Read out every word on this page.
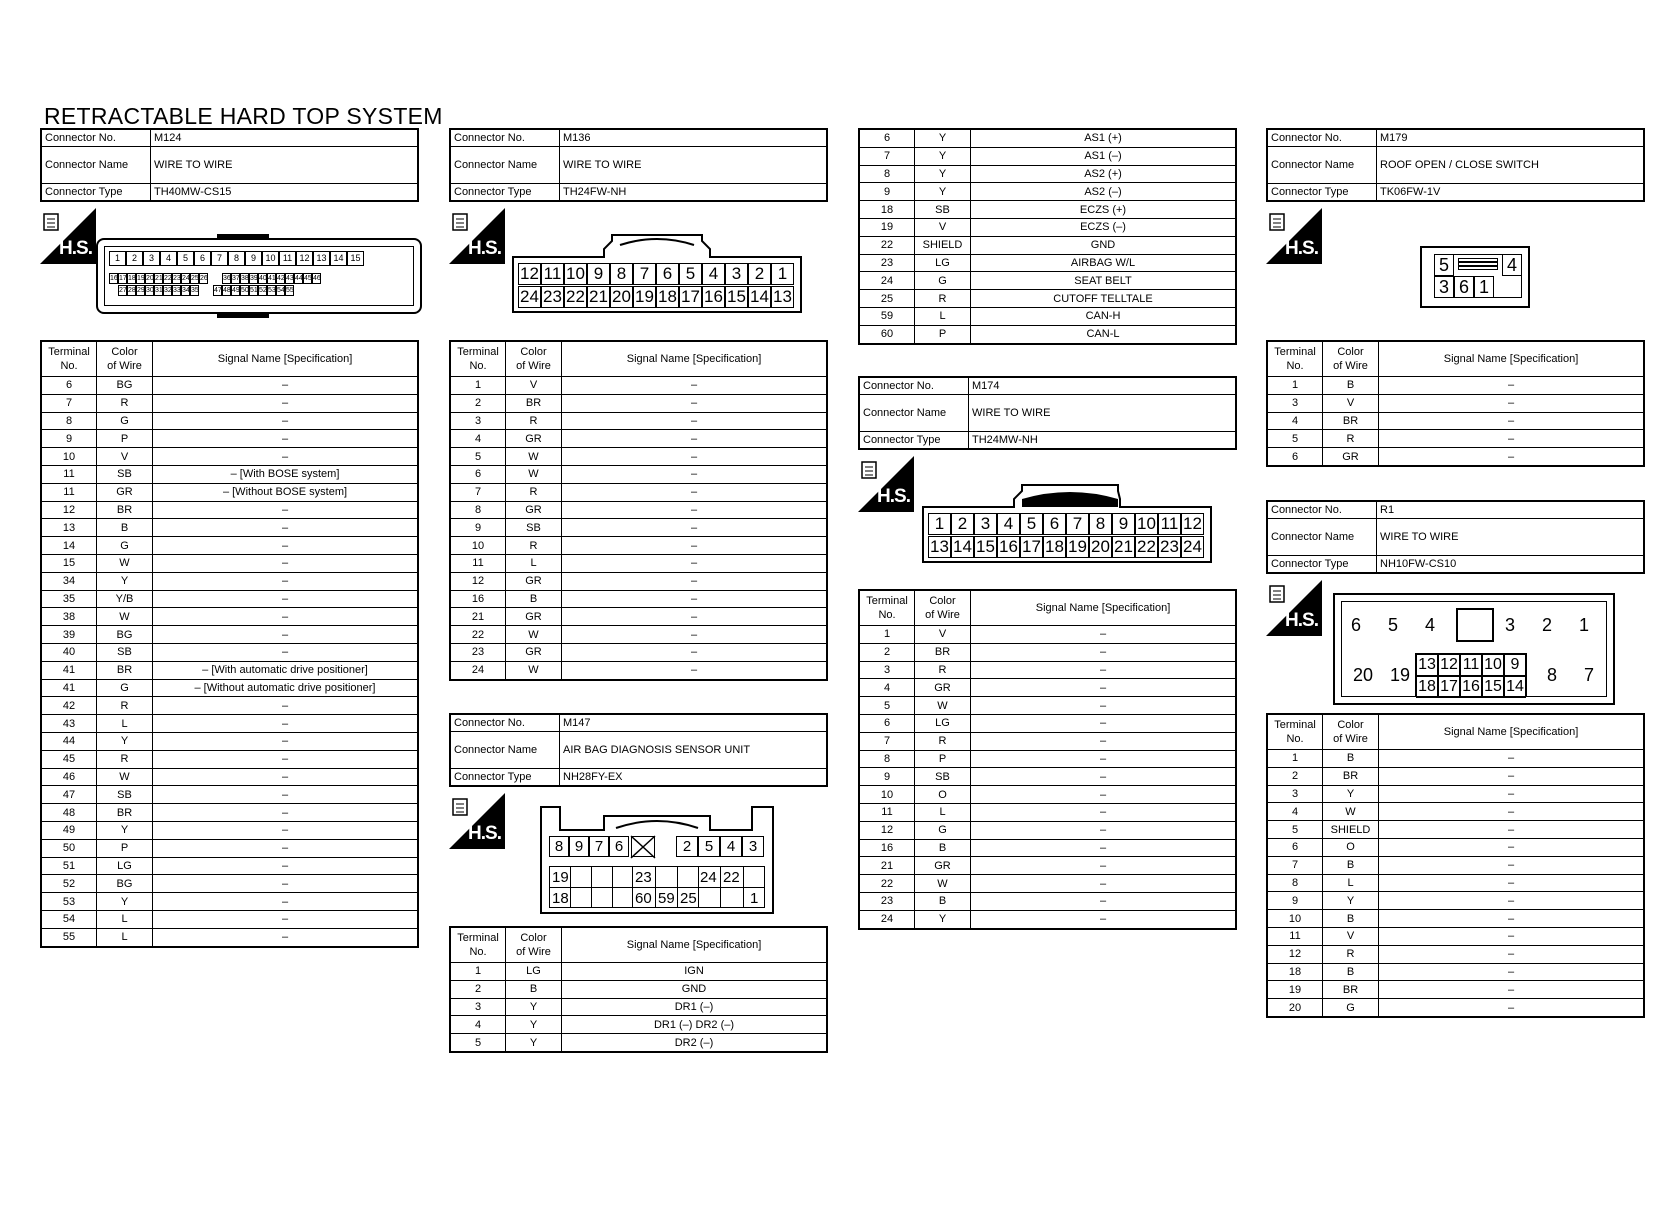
RETRACTABLE HARD TOP SYSTEM
Connector No.	M124
Connector Name	WIRE TO WIRE
Connector Type	TH40MW-CS15
H.S.	1	2	3	4	5	6	7	8	9	10 11 12 13 14 15
16 17 18 19 20 21 22 23 24 25 26 36 37 38 39 40 41 42 43 44 45 46
27 28 29 30 31 32 33 34 35 47 48 49 50 51 52 53 54 55
Terminal
No.	Color
of Wire	Signal Name [Specification]
6	BG	–
7	R	–
8	G	–
9	P	–
10	V	–
11	SB	– [With BOSE system]
11	GR	– [Without BOSE system]
12	BR	–
13	B	–
14	G	–
15	W	–
34	Y	–
35	Y/B	–
38	W	–
39	BG	–
40	SB	–
41	BR	– [With automatic drive positioner]
41	G	– [Without automatic drive positioner]
42	R	–
43	L	–
44	Y	–
45	R	–
46	W	–
47	SB	–
48	BR	–
49	Y	–
50	P	–
51	LG	–
52	BG	–
53	Y	–
54	L	–
55	L	–
Connector No.	M136
Connector Name	WIRE TO WIRE
Connector Type	TH24FW-NH
H.S.
12 11 10 9 8 7 6 5 4 3 2 1
24 23 22 21 20 19 18 17 16 15 14 13
Terminal
No.	Color
of Wire	Signal Name [Specification]
1	V	–
2	BR	–
3	R	–
4	GR	–
5	W	–
6	W	–
7	R	–
8	GR	–
9	SB	–
10	R	–
11	L	–
12	GR	–
16	B	–
21	GR	–
22	W	–
23	GR	–
24	W	–
Connector No.	M147
Connector Name	AIR BAG DIAGNOSIS SENSOR UNIT
Connector Type	NH28FY-EX
H.S.
8 9 7 6	2 5 4 3
19	23	24 22
18	60 59 25	1
Terminal
No.	Color
of Wire	Signal Name [Specification]
1	LG	IGN
2	B	GND
3	Y	DR1 (–)
4	Y	DR1 (–) DR2 (–)
5	Y	DR2 (–)
6	Y	AS1 (+)
7	Y	AS1 (–)
8	Y	AS2 (+)
9	Y	AS2 (–)
18	SB	ECZS (+)
19	V	ECZS (–)
22	SHIELD	GND
23	LG	AIRBAG W/L
24	G	SEAT BELT
25	R	CUTOFF TELLTALE
59	L	CAN-H
60	P	CAN-L
Connector No.	M174
Connector Name	WIRE TO WIRE
Connector Type	TH24MW-NH
H.S.
1 2 3 4 5 6 7 8 9 10 11 12
13 14 15 16 17 18 19 20 21 22 23 24
Terminal
No.	Color
of Wire	Signal Name [Specification]
1	V	–
2	BR	–
3	R	–
4	GR	–
5	W	–
6	LG	–
7	R	–
8	P	–
9	SB	–
10	O	–
11	L	–
12	G	–
16	B	–
21	GR	–
22	W	–
23	B	–
24	Y	–
Connector No.	M179
Connector Name	ROOF OPEN / CLOSE SWITCH
Connector Type	TK06FW-1V
H.S.
5	4
3 6 1
Terminal
No.	Color
of Wire	Signal Name [Specification]
1	B	–
3	V	–
4	BR	–
5	R	–
6	GR	–
Connector No.	R1
Connector Name	WIRE TO WIRE
Connector Type	NH10FW-CS10
H.S. 6 5 4	3 2 1
13 12 11 10 9
18 17 16 15 14
20 19	8 7
Terminal
No.	Color
of Wire	Signal Name [Specification]
1	B	–
2	BR	–
3	Y	–
4	W	–
5	SHIELD	–
6	O	–
7	B	–
8	L	–
9	Y	–
10	B	–
11	V	–
12	R	–
18	B	–
19	BR	–
20	G	–
